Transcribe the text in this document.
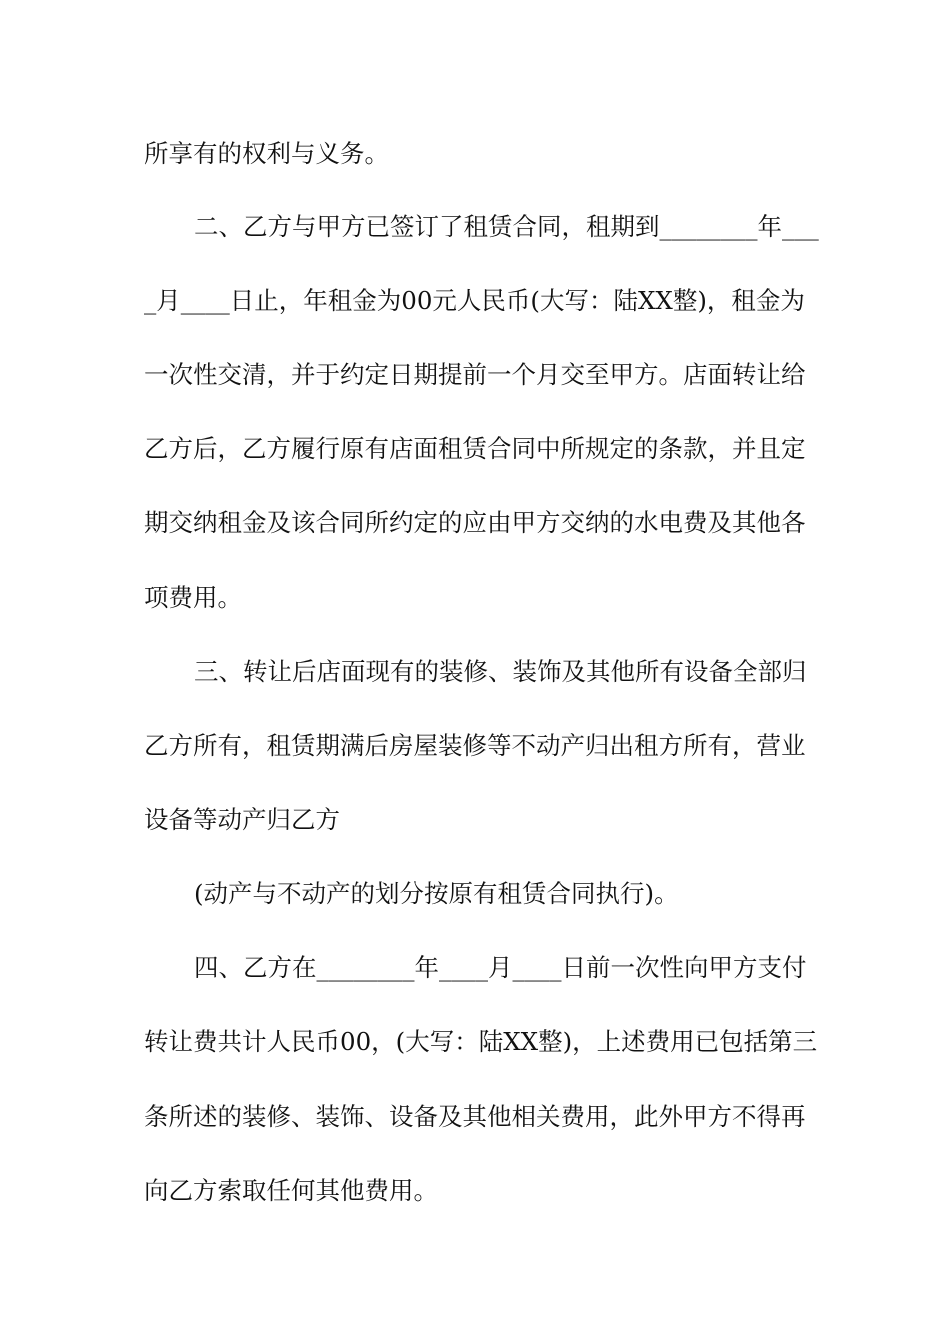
所享有的权利与义务。
二、乙方与甲方已签订了租赁合同，租期到________年___
_月____日止，年租金为00元人民币(大写：陆XX整)，租金为
一次性交清，并于约定日期提前一个月交至甲方。店面转让给
乙方后，乙方履行原有店面租赁合同中所规定的条款，并且定
期交纳租金及该合同所约定的应由甲方交纳的水电费及其他各
项费用。
三、转让后店面现有的装修、装饰及其他所有设备全部归
乙方所有，租赁期满后房屋装修等不动产归出租方所有，营业
设备等动产归乙方
(动产与不动产的划分按原有租赁合同执行)。
四、乙方在________年____月____日前一次性向甲方支付
转让费共计人民币00，(大写：陆XX整)，上述费用已包括第三
条所述的装修、装饰、设备及其他相关费用，此外甲方不得再
向乙方索取任何其他费用。
